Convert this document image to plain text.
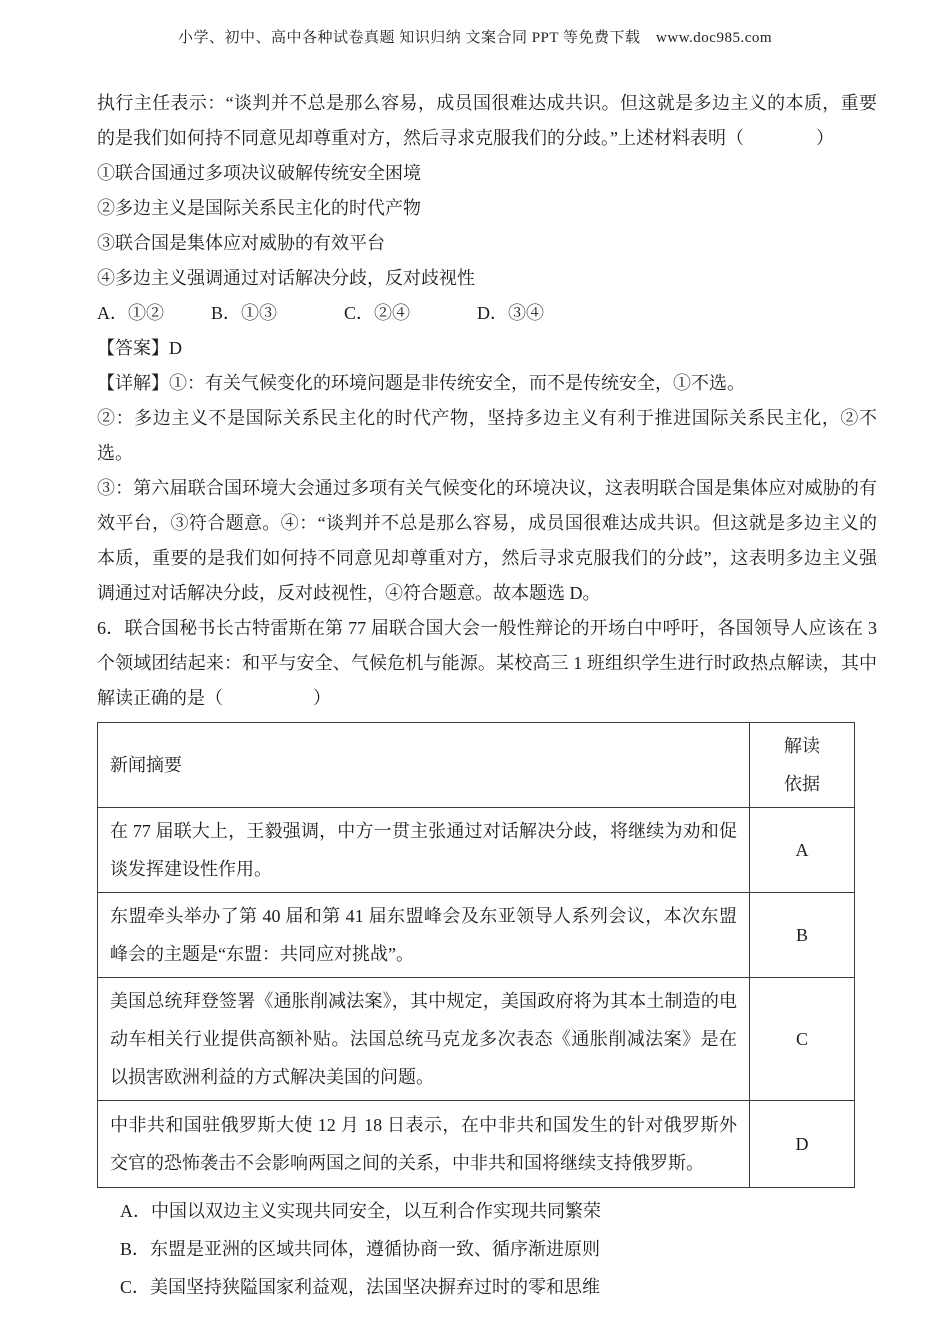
小学、初中、高中各种试卷真题 知识归纳 文案合同 PPT 等免费下载　www.doc985.com

执行主任表示：“谈判并不总是那么容易，成员国很难达成共识。但这就是多边主义的本质，重要的是我们如何持不同意见却尊重对方，然后寻求克服我们的分歧。”上述材料表明（　　　　）

①联合国通过多项决议破解传统安全困境

②多边主义是国际关系民主化的时代产物

③联合国是集体应对威胁的有效平台

④多边主义强调通过对话解决分歧，反对歧视性

A．①②	B．①③	C．②④	D．③④

【答案】D

【详解】①：有关气候变化的环境问题是非传统安全，而不是传统安全，①不选。

②：多边主义不是国际关系民主化的时代产物，坚持多边主义有利于推进国际关系民主化，②不选。

③：第六届联合国环境大会通过多项有关气候变化的环境决议，这表明联合国是集体应对威胁的有效平台，③符合题意。④：“谈判并不总是那么容易，成员国很难达成共识。但这就是多边主义的本质，重要的是我们如何持不同意见却尊重对方，然后寻求克服我们的分歧”，这表明多边主义强调通过对话解决分歧，反对歧视性，④符合题意。故本题选 D。

6．联合国秘书长古特雷斯在第 77 届联合国大会一般性辩论的开场白中呼吁，各国领导人应该在 3 个领域团结起来：和平与安全、气候危机与能源。某校高三 1 班组织学生进行时政热点解读，其中解读正确的是（　　　　　）

新闻摘要	解读
依据

在 77 届联大上，王毅强调，中方一贯主张通过对话解决分歧，将继续为劝和促谈发挥建设性作用。	A
东盟牵头举办了第 40 届和第 41 届东盟峰会及东亚领导人系列会议，本次东盟峰会的主题是“东盟：共同应对挑战”。	B
美国总统拜登签署《通胀削减法案》，其中规定，美国政府将为其本土制造的电动车相关行业提供高额补贴。法国总统马克龙多次表态《通胀削减法案》是在以损害欧洲利益的方式解决美国的问题。	C
中非共和国驻俄罗斯大使 12 月 18 日表示，在中非共和国发生的针对俄罗斯外交官的恐怖袭击不会影响两国之间的关系，中非共和国将继续支持俄罗斯。	D

A．中国以双边主义实现共同安全，以互利合作实现共同繁荣

B．东盟是亚洲的区域共同体，遵循协商一致、循序渐进原则

C．美国坚持狭隘国家利益观，法国坚决摒弃过时的零和思维
